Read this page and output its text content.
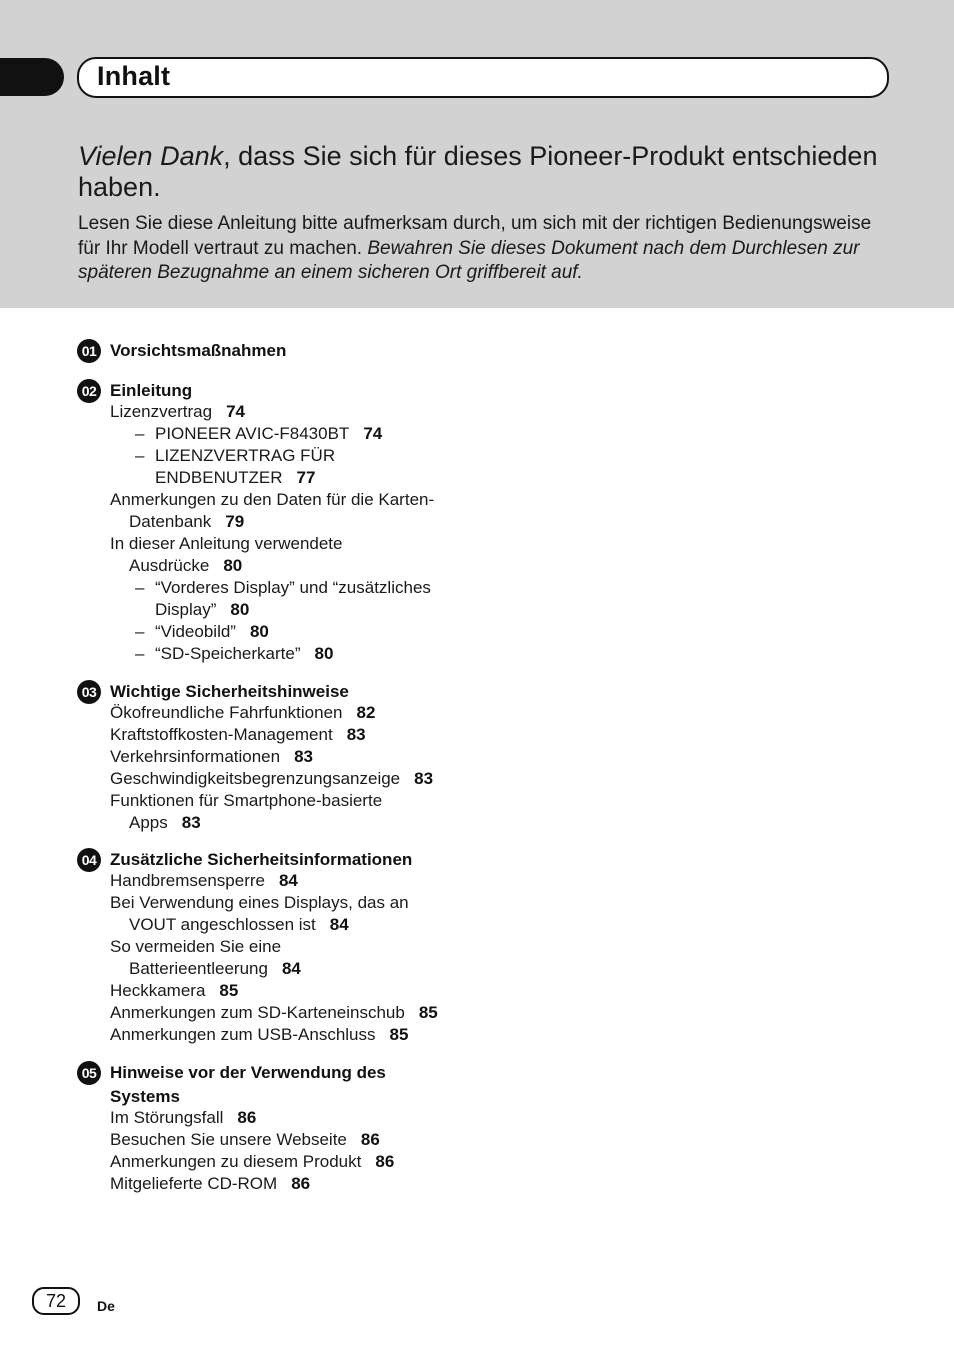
Inhalt
Vielen Dank, dass Sie sich für dieses Pioneer-Produkt entschieden haben.

Lesen Sie diese Anleitung bitte aufmerksam durch, um sich mit der richtigen Bedienungsweise für Ihr Modell vertraut zu machen. Bewahren Sie dieses Dokument nach dem Durchlesen zur späteren Bezugnahme an einem sicheren Ort griffbereit auf.

01 Vorsichtsmaßnahmen
02 Einleitung
Lizenzvertrag 74
– PIONEER AVIC-F8430BT 74
– LIZENZVERTRAG FÜR
ENDBENUTZER 77
Anmerkungen zu den Daten für die Karten-
Datenbank 79
In dieser Anleitung verwendete
Ausdrücke 80
– “Vorderes Display” und “zusätzliches
Display” 80
– “Videobild” 80
– “SD-Speicherkarte” 80
03 Wichtige Sicherheitshinweise
Ökofreundliche Fahrfunktionen 82
Kraftstoffkosten-Management 83
Verkehrsinformationen 83
Geschwindigkeitsbegrenzungsanzeige 83
Funktionen für Smartphone-basierte
Apps 83
04 Zusätzliche Sicherheitsinformationen
Handbremsensperre 84
Bei Verwendung eines Displays, das an
VOUT angeschlossen ist 84
So vermeiden Sie eine
Batterieentleerung 84
Heckkamera 85
Anmerkungen zum SD-Karteneinschub 85
Anmerkungen zum USB-Anschluss 85
05 Hinweise vor der Verwendung des
Systems
Im Störungsfall 86
Besuchen Sie unsere Webseite 86
Anmerkungen zu diesem Produkt 86
Mitgelieferte CD-ROM 86
72	De
